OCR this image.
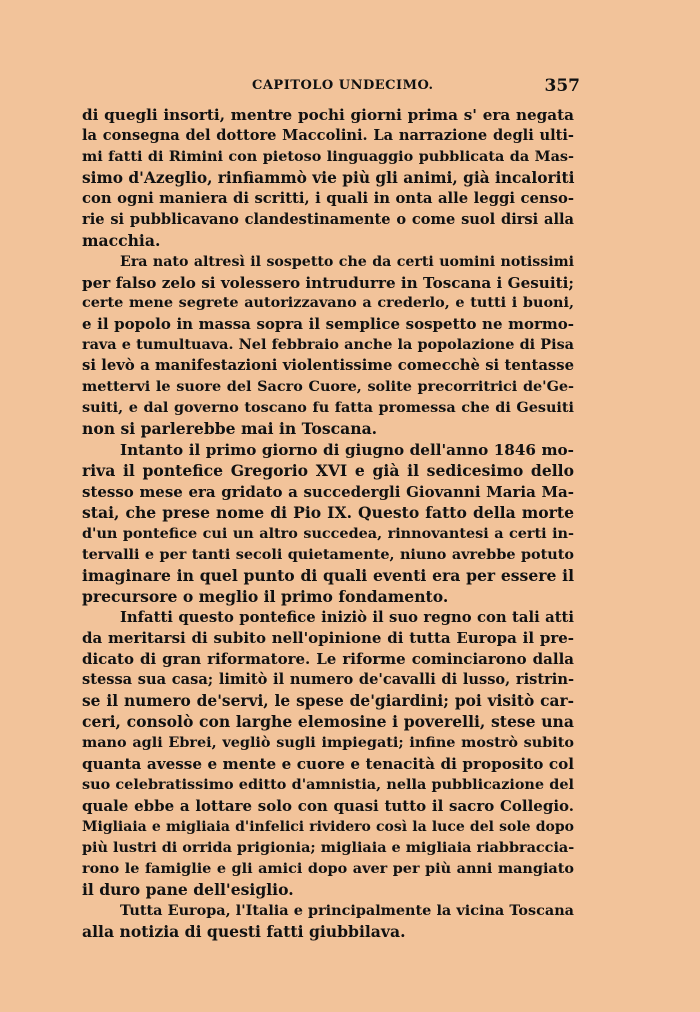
CAPITOLO UNDECIMO.	357
di quegli insorti, mentre pochi giorni prima s' era negata
la consegna del dottore Maccolini. La narrazione degli ulti-
mi fatti di Rimini con pietoso linguaggio pubblicata da Mas-
simo d'Azeglio, rinfiammò vie più gli animi, già incaloriti
con ogni maniera di scritti, i quali in onta alle leggi censo-
rie si pubblicavano clandestinamente o come suol dirsi alla
macchia.
Era nato altresì il sospetto che da certi uomini notissimi
per falso zelo si volessero intrudurre in Toscana i Gesuiti;
certe mene segrete autorizzavano a crederlo, e tutti i buoni,
e il popolo in massa sopra il semplice sospetto ne mormo-
rava e tumultuava. Nel febbraio anche la popolazione di Pisa
si levò a manifestazioni violentissime comecchè si tentasse
mettervi le suore del Sacro Cuore, solite precorritrici de'Ge-
suiti, e dal governo toscano fu fatta promessa che di Gesuiti
non si parlerebbe mai in Toscana.
Intanto il primo giorno di giugno dell'anno 1846 mo-
riva il pontefice Gregorio XVI e già il sedicesimo dello
stesso mese era gridato a succedergli Giovanni Maria Ma-
stai, che prese nome di Pio IX. Questo fatto della morte
d'un pontefice cui un altro succedea, rinnovantesi a certi in-
tervalli e per tanti secoli quietamente, niuno avrebbe potuto
imaginare in quel punto di quali eventi era per essere il
precursore o meglio il primo fondamento.
Infatti questo pontefice iniziò il suo regno con tali atti
da meritarsi di subito nell'opinione di tutta Europa il pre-
dicato di gran riformatore. Le riforme cominciarono dalla
stessa sua casa; limitò il numero de'cavalli di lusso, ristrin-
se il numero de'servi, le spese de'giardini; poi visitò car-
ceri, consolò con larghe elemosine i poverelli, stese una
mano agli Ebrei, vegliò sugli impiegati; infine mostrò subito
quanta avesse e mente e cuore e tenacità di proposito col
suo celebratissimo editto d'amnistia, nella pubblicazione del
quale ebbe a lottare solo con quasi tutto il sacro Collegio.
Migliaia e migliaia d'infelici rividero così la luce del sole dopo
più lustri di orrida prigionia; migliaia e migliaia riabbraccia-
rono le famiglie e gli amici dopo aver per più anni mangiato
il duro pane dell'esiglio.
Tutta Europa, l'Italia e principalmente la vicina Toscana
alla notizia di questi fatti giubbilava.
